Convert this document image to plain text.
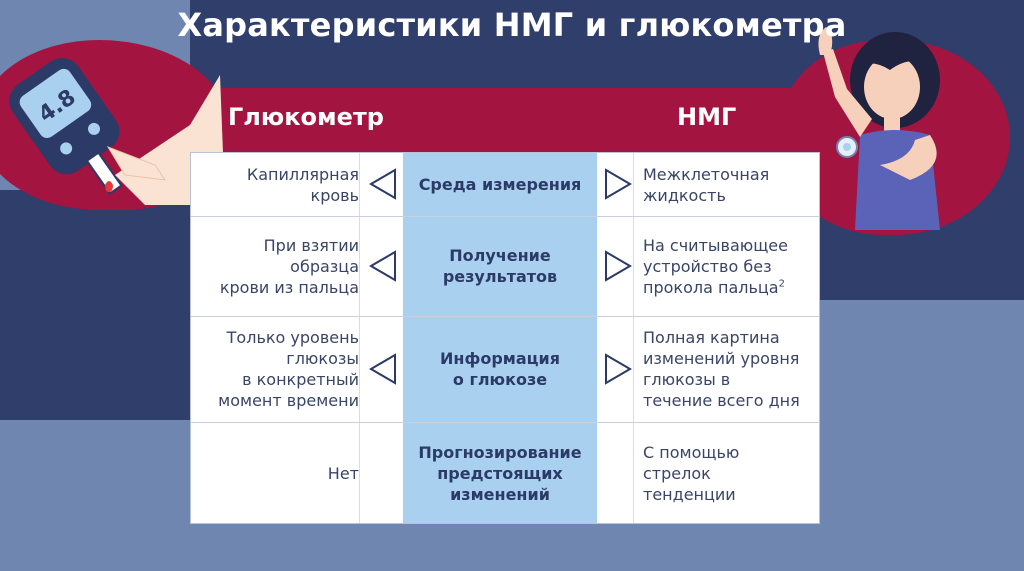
4.8
Характеристики НМГ и глюкометра
Глюкометр	НМГ
Капиллярная
кровь
Среда измерения
Межклеточная
жидкость
При взятии
образца
крови из пальца
Получение
результатов
На считывающее
устройство без
прокола пальца$^2$
Только уровень
глюкозы
в конкретный
момент времени
Информация
о глюкозе
Полная картина
изменений уровня
глюкозы в
течение всего дня
Нет
Прогнозирование
предстоящих
изменений
С помощью
стрелок
тенденции
